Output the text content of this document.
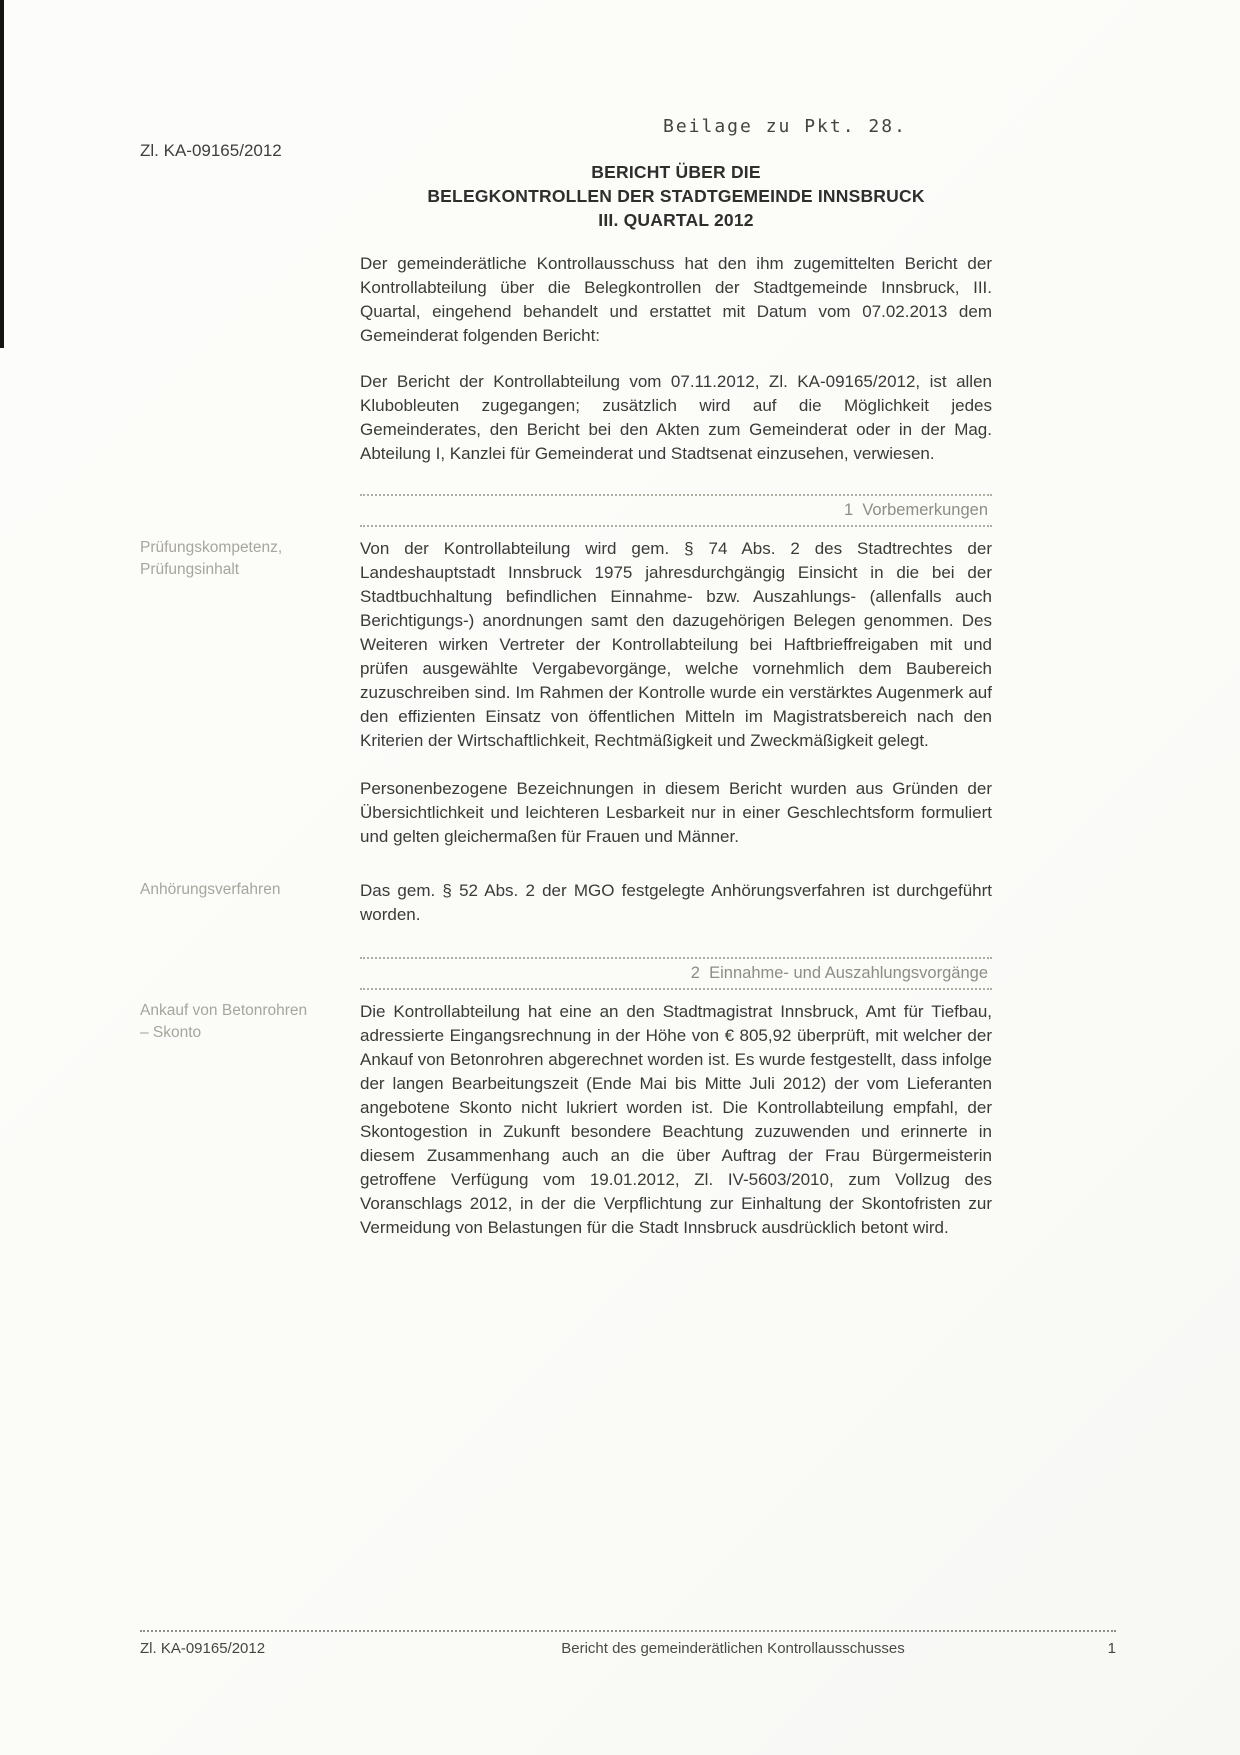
Beilage zu Pkt. 28.
Zl. KA-09165/2012
BERICHT ÜBER DIE
BELEGKONTROLLEN DER STADTGEMEINDE INNSBRUCK
III. QUARTAL 2012
Der gemeinderätliche Kontrollausschuss hat den ihm zugemittelten Bericht der Kontrollabteilung über die Belegkontrollen der Stadtgemeinde Innsbruck, III. Quartal, eingehend behandelt und erstattet mit Datum vom 07.02.2013 dem Gemeinderat folgenden Bericht:
Der Bericht der Kontrollabteilung vom 07.11.2012, Zl. KA-09165/2012, ist allen Klubobleuten zugegangen; zusätzlich wird auf die Möglichkeit jedes Gemeinderates, den Bericht bei den Akten zum Gemeinderat oder in der Mag. Abteilung I, Kanzlei für Gemeinderat und Stadtsenat einzusehen, verwiesen.
1  Vorbemerkungen
Prüfungskompetenz, Prüfungsinhalt
Von der Kontrollabteilung wird gem. § 74 Abs. 2 des Stadtrechtes der Landeshauptstadt Innsbruck 1975 jahresdurchgängig Einsicht in die bei der Stadtbuchhaltung befindlichen Einnahme- bzw. Auszahlungs- (allenfalls auch Berichtigungs-) anordnungen samt den dazugehörigen Belegen genommen. Des Weiteren wirken Vertreter der Kontrollabteilung bei Haftbrieffreigaben mit und prüfen ausgewählte Vergabevorgänge, welche vornehmlich dem Baubereich zuzuschreiben sind. Im Rahmen der Kontrolle wurde ein verstärktes Augenmerk auf den effizienten Einsatz von öffentlichen Mitteln im Magistratsbereich nach den Kriterien der Wirtschaftlichkeit, Rechtmäßigkeit und Zweckmäßigkeit gelegt.
Personenbezogene Bezeichnungen in diesem Bericht wurden aus Gründen der Übersichtlichkeit und leichteren Lesbarkeit nur in einer Geschlechtsform formuliert und gelten gleichermaßen für Frauen und Männer.
Anhörungsverfahren	Das gem. § 52 Abs. 2 der MGO festgelegte Anhörungsverfahren ist durchgeführt worden.
2  Einnahme- und Auszahlungsvorgänge
Ankauf von Betonrohren – Skonto
Die Kontrollabteilung hat eine an den Stadtmagistrat Innsbruck, Amt für Tiefbau, adressierte Eingangsrechnung in der Höhe von € 805,92 überprüft, mit welcher der Ankauf von Betonrohren abgerechnet worden ist. Es wurde festgestellt, dass infolge der langen Bearbeitungszeit (Ende Mai bis Mitte Juli 2012) der vom Lieferanten angebotene Skonto nicht lukriert worden ist. Die Kontrollabteilung empfahl, der Skontogestion in Zukunft besondere Beachtung zuzuwenden und erinnerte in diesem Zusammenhang auch an die über Auftrag der Frau Bürgermeisterin getroffene Verfügung vom 19.01.2012, Zl. IV-5603/2010, zum Vollzug des Voranschlags 2012, in der die Verpflichtung zur Einhaltung der Skontofristen zur Vermeidung von Belastungen für die Stadt Innsbruck ausdrücklich betont wird.
Zl. KA-09165/2012	Bericht des gemeinderätlichen Kontrollausschusses	1
